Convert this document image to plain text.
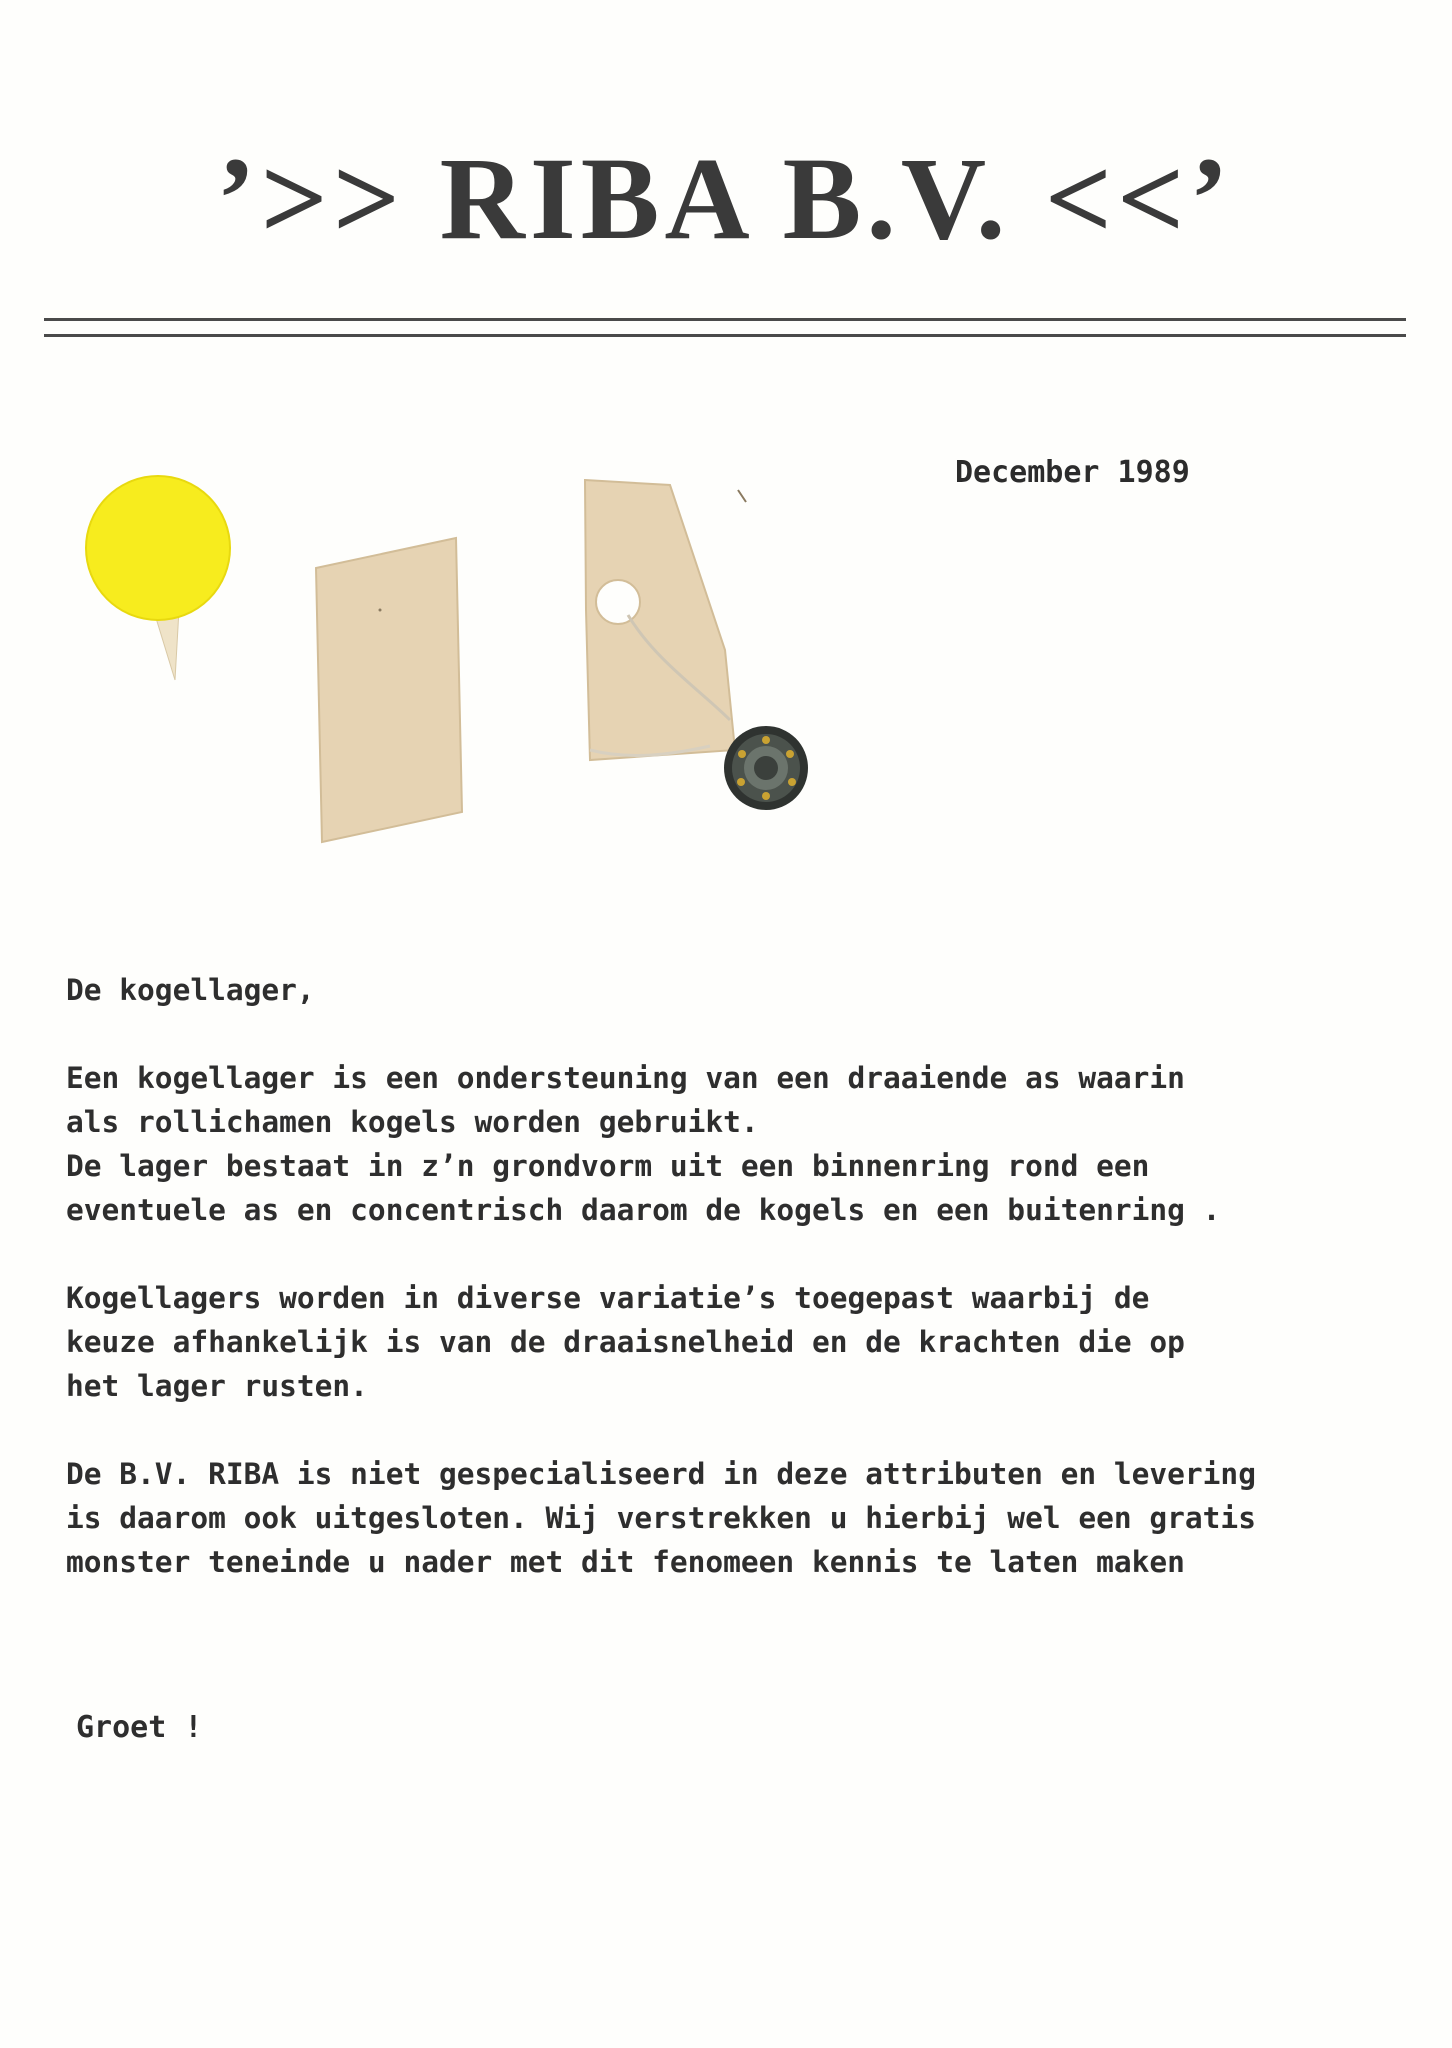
’>> RIBA B.V. <<’
December 1989

De kogellager,

Een kogellager is een ondersteuning van een draaiende as waarin

als rollichamen kogels worden gebruikt.

De lager bestaat in z’n grondvorm uit een binnenring rond een

eventuele as en concentrisch daarom de kogels en een buitenring .

Kogellagers worden in diverse variatie’s toegepast waarbij de

keuze afhankelijk is van de draaisnelheid en de krachten die op

het lager rusten.

De B.V. RIBA is niet gespecialiseerd in deze attributen en levering

is daarom ook uitgesloten. Wij verstrekken u hierbij wel een gratis

monster teneinde u nader met dit fenomeen kennis te laten maken

Groet !
